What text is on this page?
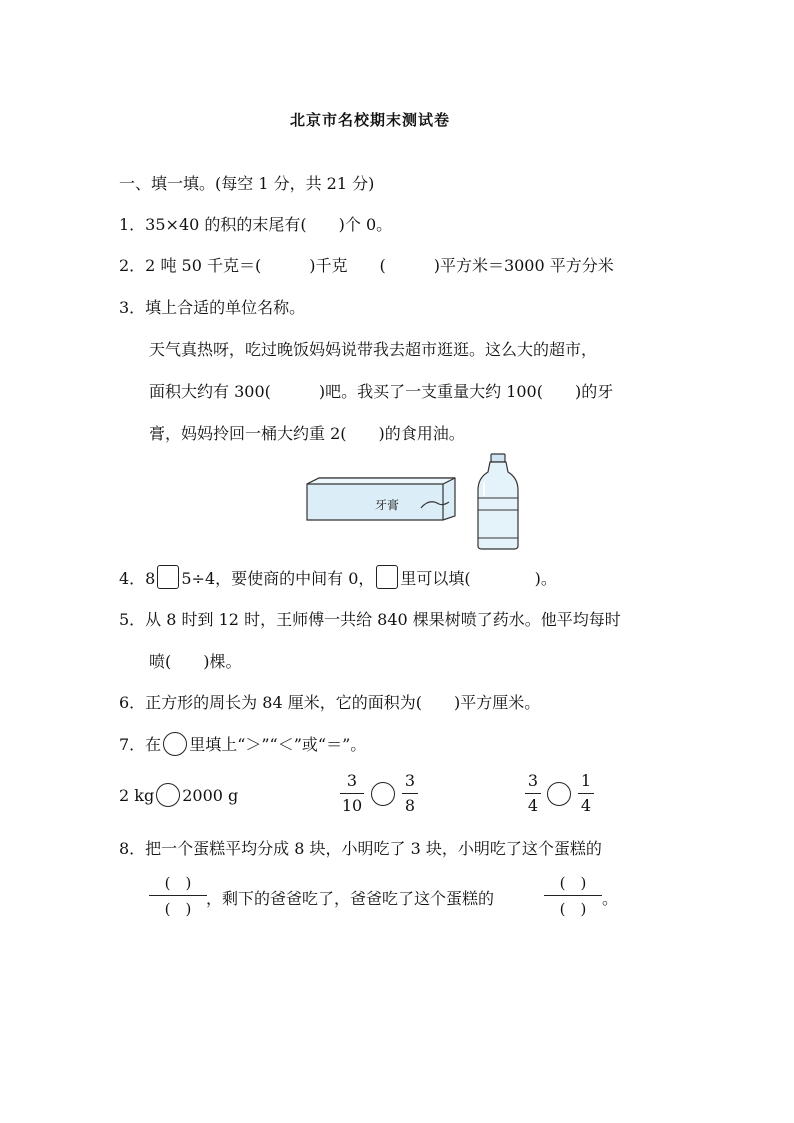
北京市名校期末测试卷
一、填一填。(每空 1 分，共 21 分)
1．35×40 的积的末尾有(　　)个 0。
2．2 吨 50 千克＝(　　　)千克　　(　　　)平方米＝3000 平方分米
3．填上合适的单位名称。
天气真热呀，吃过晚饭妈妈说带我去超市逛逛。这么大的超市，
面积大约有 300(　　　)吧。我买了一支重量大约 100(　　)的牙
膏，妈妈拎回一桶大约重 2(　　)的食用油。
牙膏
4．8 5÷4，要使商的中间有 0， 里可以填(　　　　)。
5．从 8 时到 12 时，王师傅一共给 840 棵果树喷了药水。他平均每时
喷(　　)棵。
6．正方形的周长为 84 厘米，它的面积为(　　)平方厘米。
7．在 里填上“＞”“＜”或“＝”。
2 kg 2000 g
3
10
3
8
3
4
1
4
8．把一个蛋糕平均分成 8 块，小明吃了 3 块，小明吃了这个蛋糕的
(　)
(　)
，剩下的爸爸吃了，爸爸吃了这个蛋糕的
(　)
(　)
。
